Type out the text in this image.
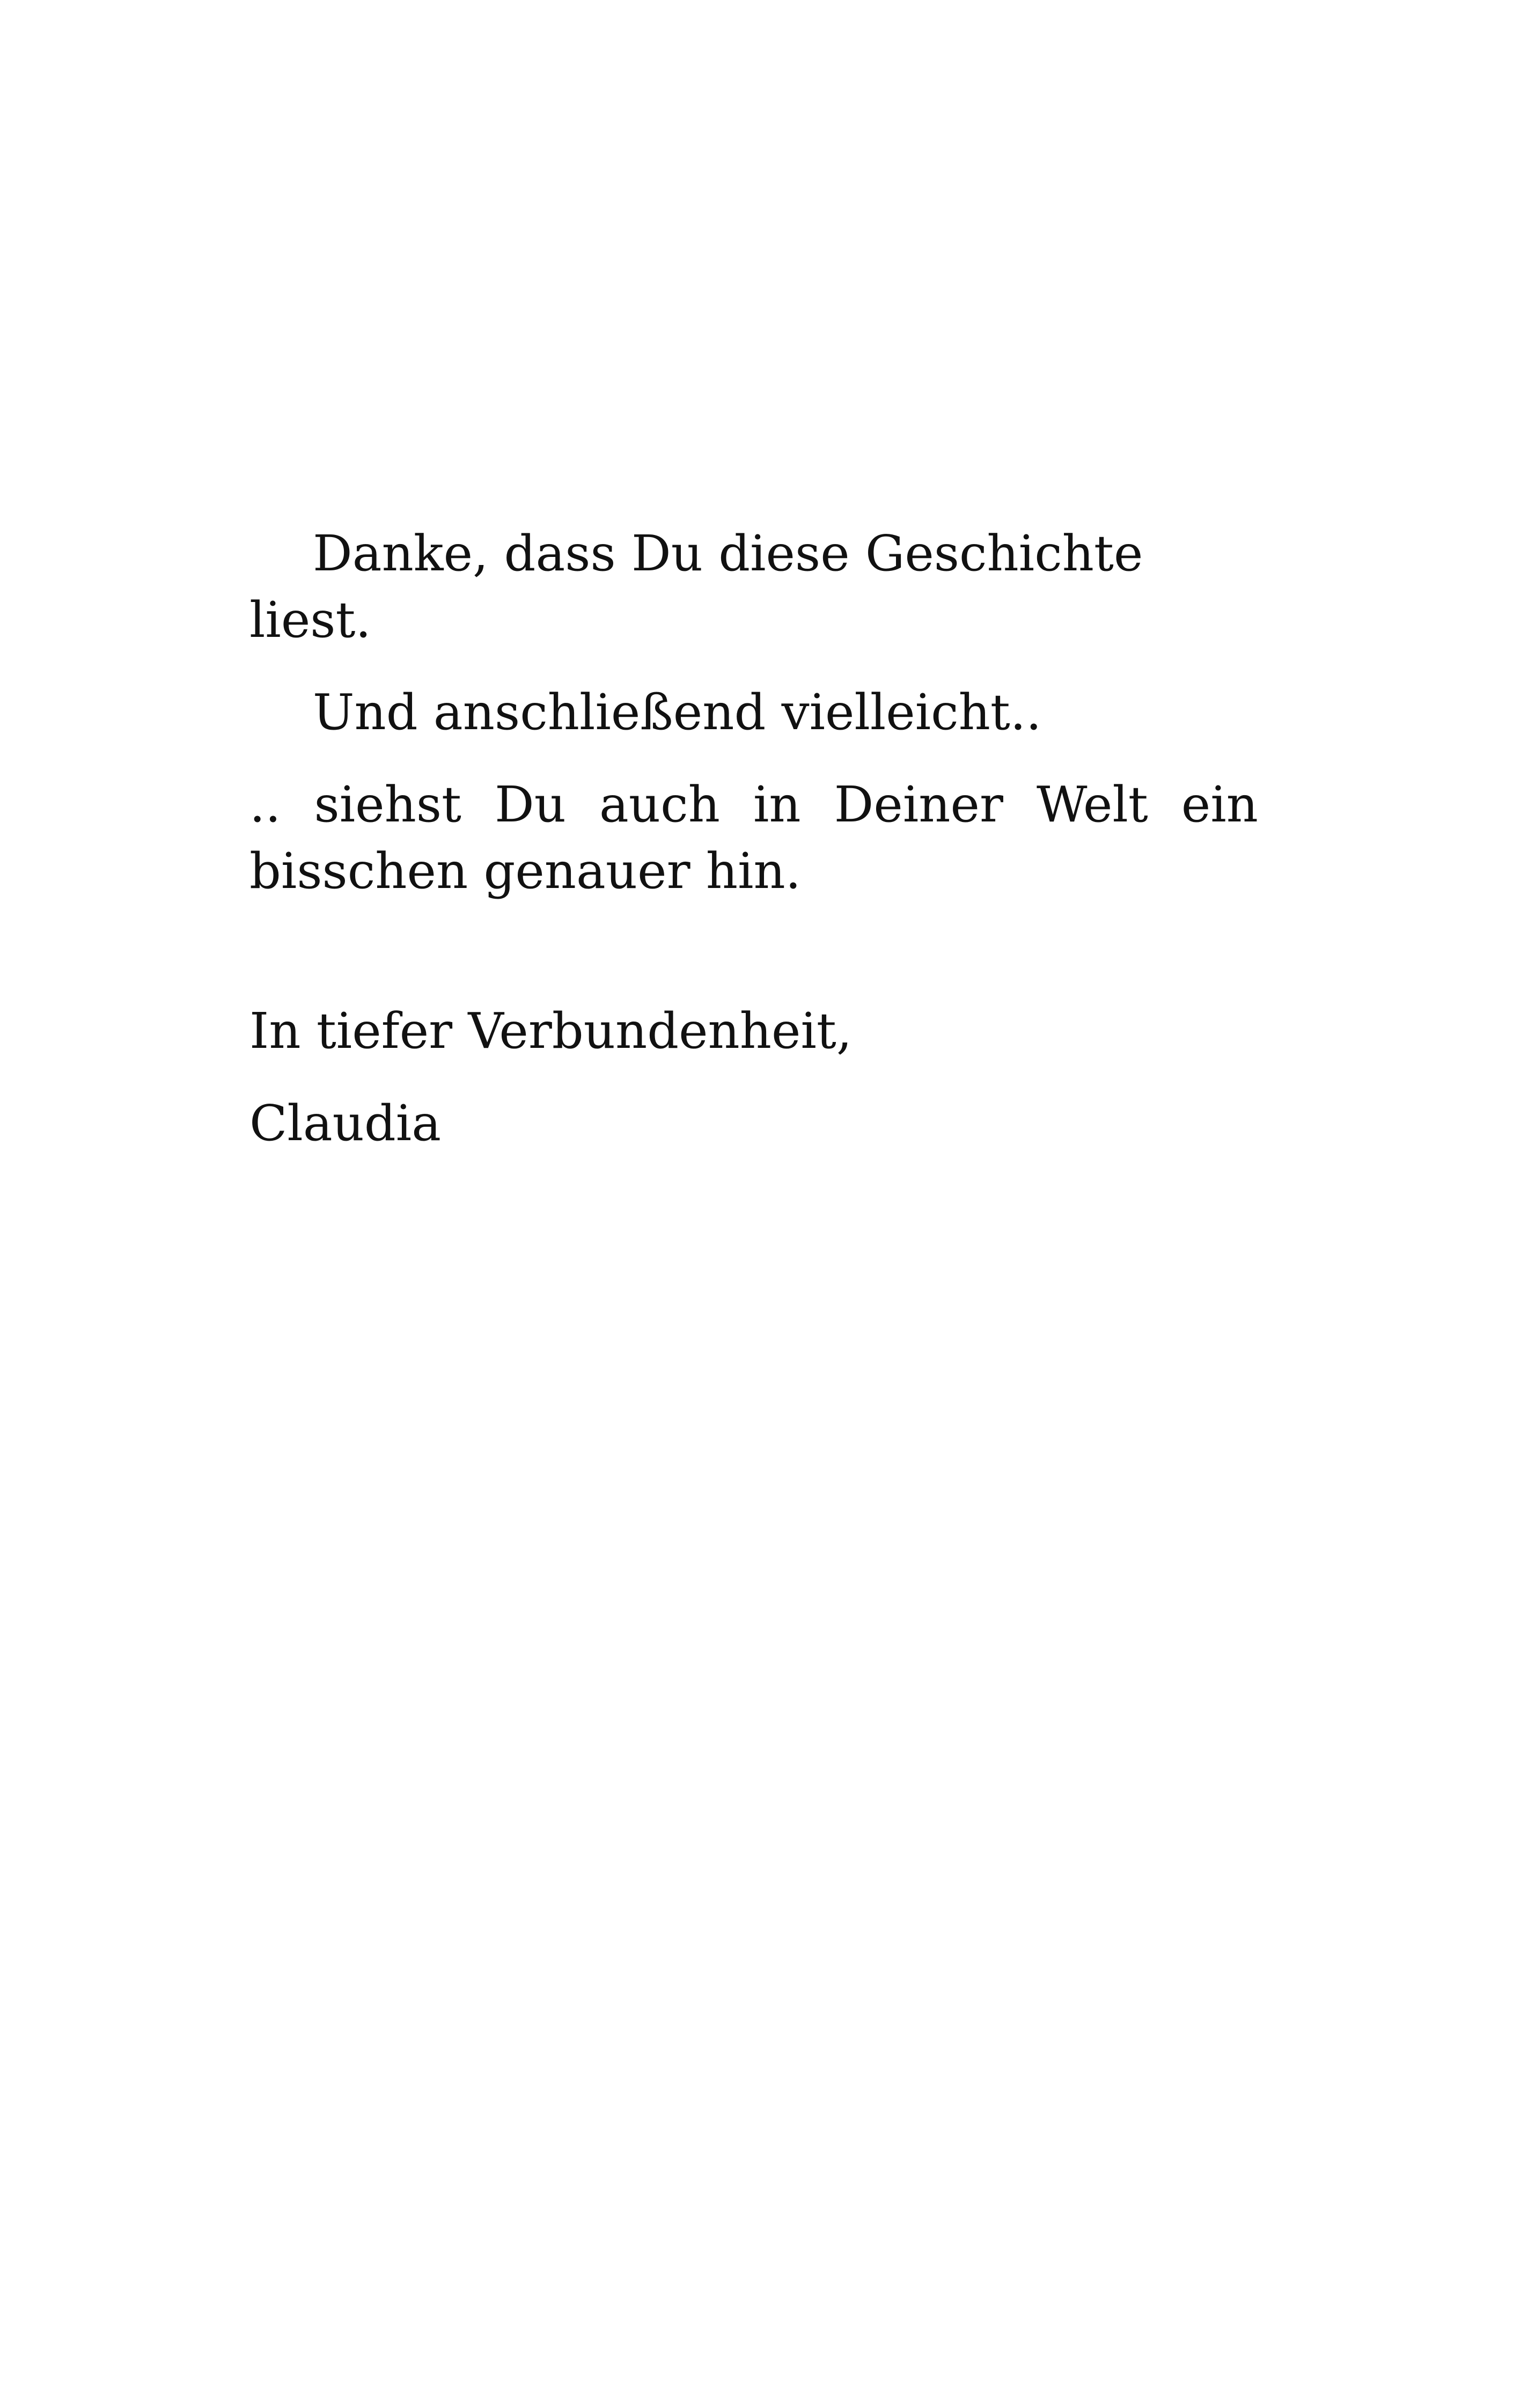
Danke, dass Du diese Geschichte liest.

Und anschließend vielleicht..

.. siehst Du auch in Deiner Welt ein bisschen genauer hin.

In tiefer Verbundenheit,

Claudia
